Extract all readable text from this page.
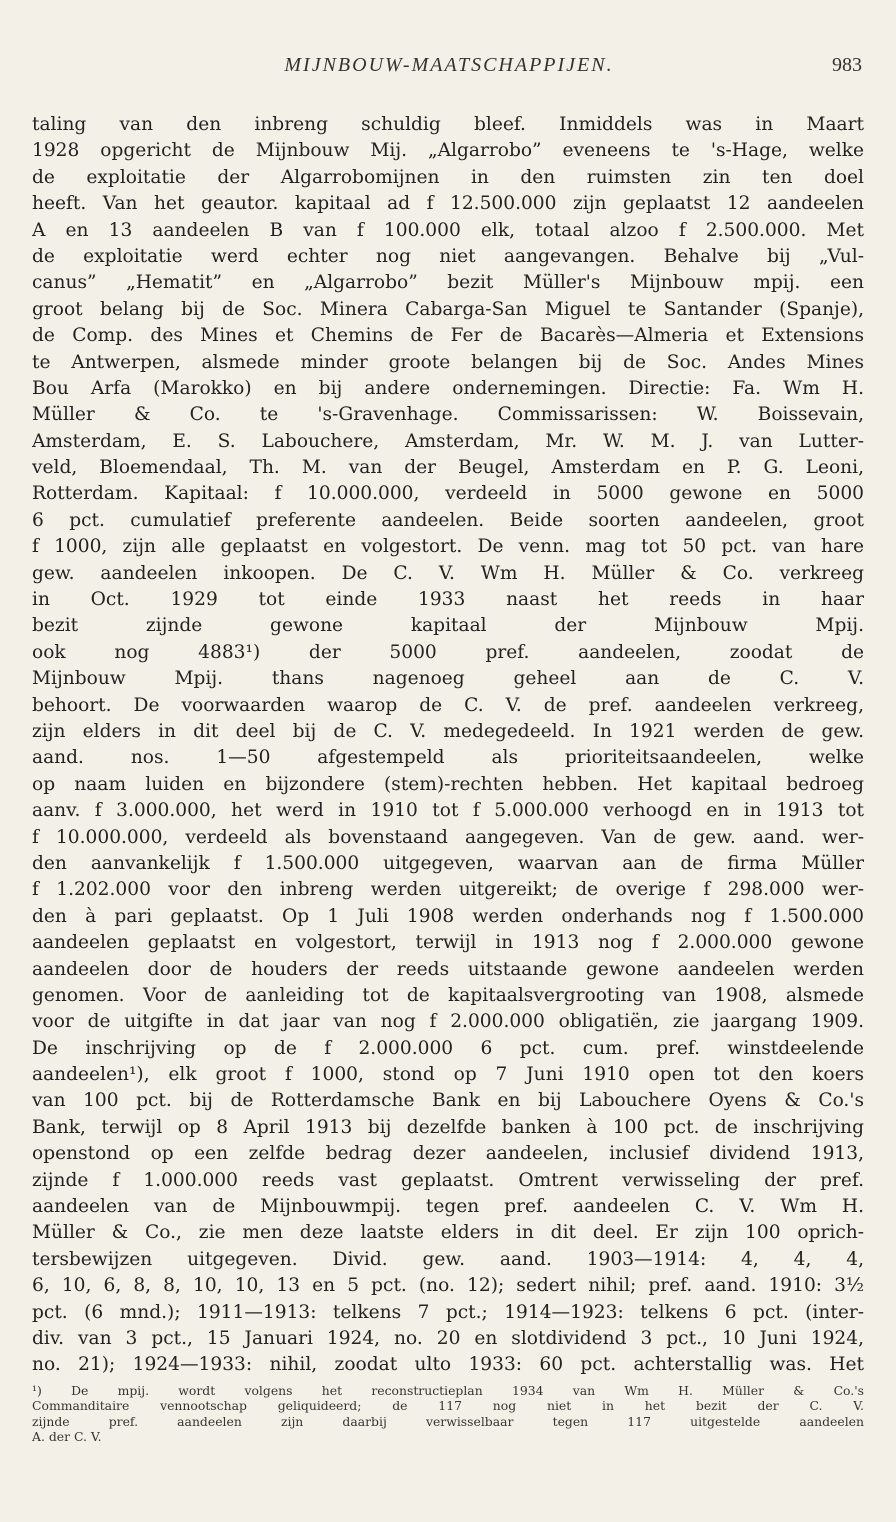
MIJNBOUW-MAATSCHAPPIJEN.	983
taling van den inbreng schuldig bleef. Inmiddels was in Maart
1928 opgericht de Mijnbouw Mij. „Algarrobo” eveneens te 's-Hage, welke
de exploitatie der Algarrobomijnen in den ruimsten zin ten doel
heeft. Van het geautor. kapitaal ad f 12.500.000 zijn geplaatst 12 aandeelen
A en 13 aandeelen B van f 100.000 elk, totaal alzoo f 2.500.000. Met
de exploitatie werd echter nog niet aangevangen. Behalve bij „Vul-
canus” „Hematit” en „Algarrobo” bezit Müller's Mijnbouw mpij. een
groot belang bij de Soc. Minera Cabarga-San Miguel te Santander (Spanje),
de Comp. des Mines et Chemins de Fer de Bacarès—Almeria et Extensions
te Antwerpen, alsmede minder groote belangen bij de Soc. Andes Mines
Bou Arfa (Marokko) en bij andere ondernemingen. Directie: Fa. Wm H.
Müller & Co. te 's-Gravenhage. Commissarissen: W. Boissevain,
Amsterdam, E. S. Labouchere, Amsterdam, Mr. W. M. J. van Lutter-
veld, Bloemendaal, Th. M. van der Beugel, Amsterdam en P. G. Leoni,
Rotterdam. Kapitaal: f 10.000.000, verdeeld in 5000 gewone en 5000
6 pct. cumulatief preferente aandeelen. Beide soorten aandeelen, groot
f 1000, zijn alle geplaatst en volgestort. De venn. mag tot 50 pct. van hare
gew. aandeelen inkoopen. De C. V. Wm H. Müller & Co. verkreeg
in Oct. 1929 tot einde 1933 naast het reeds in haar
bezit zijnde gewone kapitaal der Mijnbouw Mpij.
ook nog 4883¹) der 5000 pref. aandeelen, zoodat de
Mijnbouw Mpij. thans nagenoeg geheel aan de C. V.
behoort. De voorwaarden waarop de C. V. de pref. aandeelen verkreeg,
zijn elders in dit deel bij de C. V. medegedeeld. In 1921 werden de gew.
aand. nos. 1—50 afgestempeld als prioriteitsaandeelen, welke
op naam luiden en bijzondere (stem)-rechten hebben. Het kapitaal bedroeg
aanv. f 3.000.000, het werd in 1910 tot f 5.000.000 verhoogd en in 1913 tot
f 10.000.000, verdeeld als bovenstaand aangegeven. Van de gew. aand. wer-
den aanvankelijk f 1.500.000 uitgegeven, waarvan aan de firma Müller
f 1.202.000 voor den inbreng werden uitgereikt; de overige f 298.000 wer-
den à pari geplaatst. Op 1 Juli 1908 werden onderhands nog f 1.500.000
aandeelen geplaatst en volgestort, terwijl in 1913 nog f 2.000.000 gewone
aandeelen door de houders der reeds uitstaande gewone aandeelen werden
genomen. Voor de aanleiding tot de kapitaalsvergrooting van 1908, alsmede
voor de uitgifte in dat jaar van nog f 2.000.000 obligatiën, zie jaargang 1909.
De inschrijving op de f 2.000.000 6 pct. cum. pref. winstdeelende
aandeelen¹), elk groot f 1000, stond op 7 Juni 1910 open tot den koers
van 100 pct. bij de Rotterdamsche Bank en bij Labouchere Oyens & Co.'s
Bank, terwijl op 8 April 1913 bij dezelfde banken à 100 pct. de inschrijving
openstond op een zelfde bedrag dezer aandeelen, inclusief dividend 1913,
zijnde f 1.000.000 reeds vast geplaatst. Omtrent verwisseling der pref.
aandeelen van de Mijnbouwmpij. tegen pref. aandeelen C. V. Wm H.
Müller & Co., zie men deze laatste elders in dit deel. Er zijn 100 oprich-
tersbewijzen uitgegeven. Divid. gew. aand. 1903—1914: 4, 4, 4,
6, 10, 6, 8, 8, 10, 10, 13 en 5 pct. (no. 12); sedert nihil; pref. aand. 1910: 3½
pct. (6 mnd.); 1911—1913: telkens 7 pct.; 1914—1923: telkens 6 pct. (inter-
div. van 3 pct., 15 Januari 1924, no. 20 en slotdividend 3 pct., 10 Juni 1924,
no. 21); 1924—1933: nihil, zoodat ulto 1933: 60 pct. achterstallig was. Het
¹) De mpij. wordt volgens het reconstructieplan 1934 van Wm H. Müller & Co.'s
Commanditaire vennootschap geliquideerd; de 117 nog niet in het bezit der C. V.
zijnde pref. aandeelen zijn daarbij verwisselbaar tegen 117 uitgestelde aandeelen
A. der C. V.
